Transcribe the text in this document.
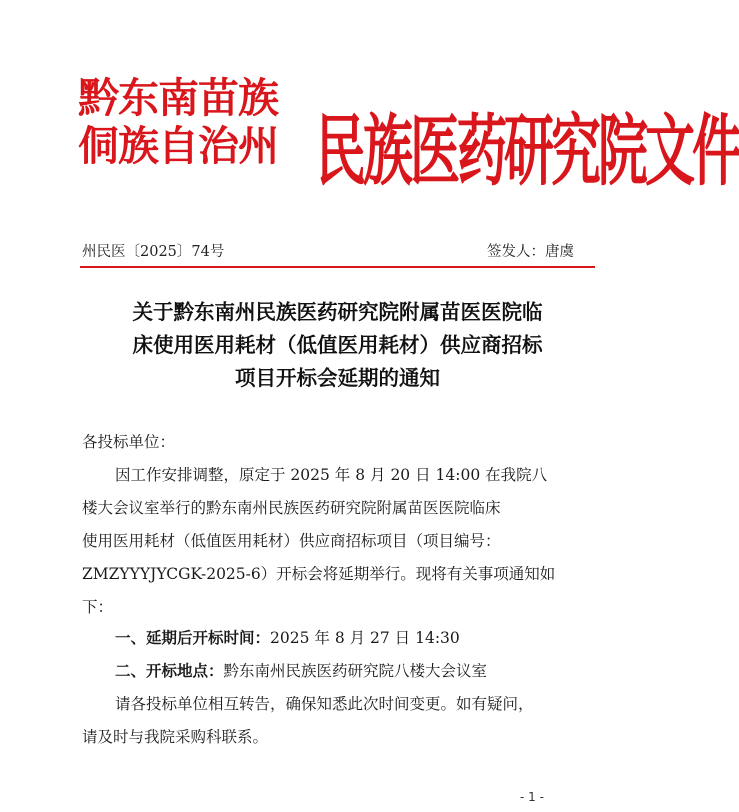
黔东南苗族
侗族自治州 民族医药研究院文件
州民医〔2025〕74号	签发人：唐虞
关于黔东南州民族医药研究院附属苗医医院临
床使用医用耗材（低值医用耗材）供应商招标
项目开标会延期的通知
各投标单位：
因工作安排调整，原定于 2025 年 8 月 20 日 14:00 在我院八
楼大会议室举行的黔东南州民族医药研究院附属苗医医院临床
使用医用耗材（低值医用耗材）供应商招标项目（项目编号：
ZMZYYYJYCGK-2025-6）开标会将延期举行。现将有关事项通知如
下：
一、延期后开标时间：2025 年 8 月 27 日 14:30
二、开标地点：黔东南州民族医药研究院八楼大会议室
请各投标单位相互转告，确保知悉此次时间变更。如有疑问，
请及时与我院采购科联系。
- 1 -
